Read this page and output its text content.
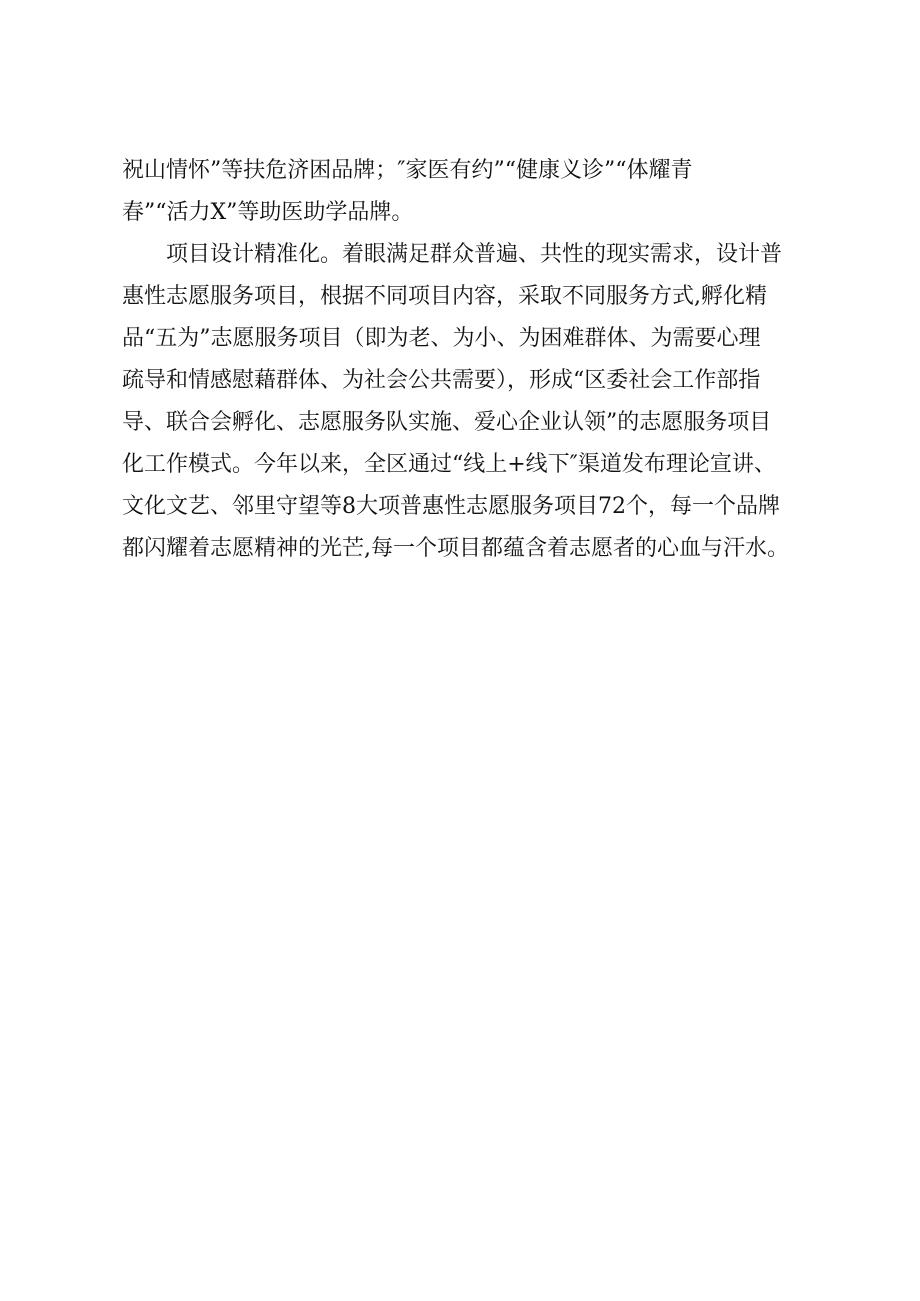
祝山情怀”等扶危济困品牌；″家医有约”“健康义诊”“体耀青
春”“活力X”等助医助学品牌。
项目设计精准化。着眼满足群众普遍、共性的现实需求，设计普
惠性志愿服务项目，根据不同项目内容，采取不同服务方式,孵化精
品“五为”志愿服务项目（即为老、为小、为困难群体、为需要心理
疏导和情感慰藉群体、为社会公共需要），形成“区委社会工作部指
导、联合会孵化、志愿服务队实施、爱心企业认领”的志愿服务项目
化工作模式。今年以来，全区通过“线上+线下″渠道发布理论宣讲、
文化文艺、邻里守望等8大项普惠性志愿服务项目72个，每一个品牌
都闪耀着志愿精神的光芒,每一个项目都蕴含着志愿者的心血与汗水。
